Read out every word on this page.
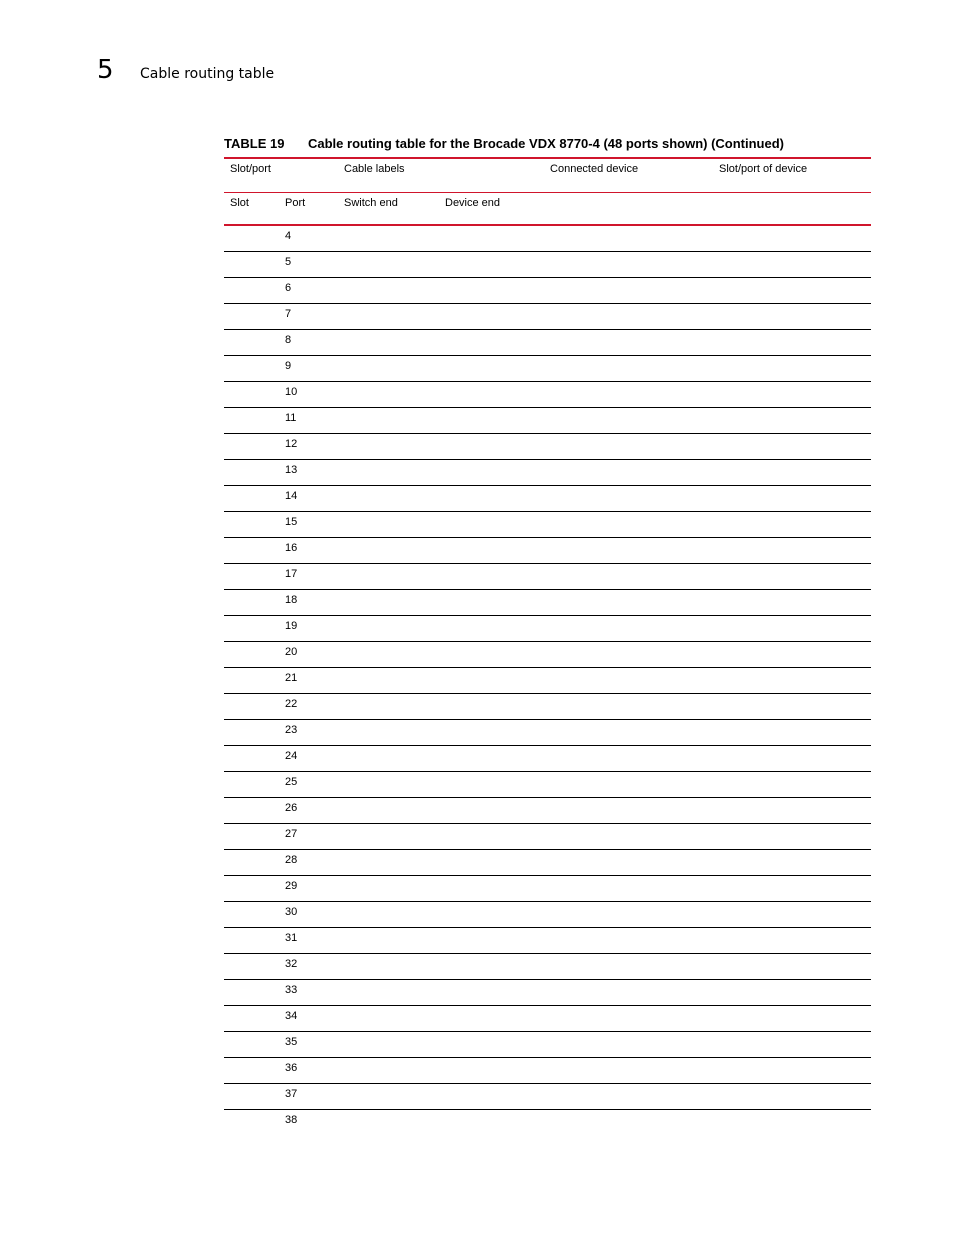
5 Cable routing table
TABLE 19 Cable routing table for the Brocade VDX 8770-4 (48 ports shown) (Continued)
Slot/port		Cable labels		Connected device	Slot/port of device
Slot	Port	Switch end	Device end		
	4				
	5				
	6				
	7				
	8				
	9				
	10				
	11				
	12				
	13				
	14				
	15				
	16				
	17				
	18				
	19				
	20				
	21				
	22				
	23				
	24				
	25				
	26				
	27				
	28				
	29				
	30				
	31				
	32				
	33				
	34				
	35				
	36				
	37				
	38				
